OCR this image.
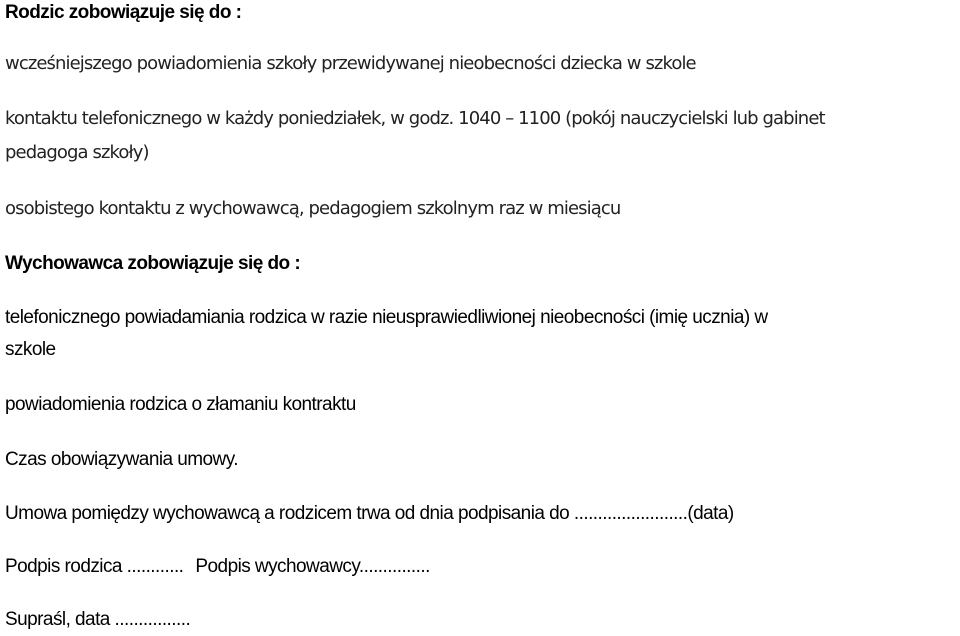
Rodzic zobowiązuje się do :
wcześniejszego powiadomienia szkoły przewidywanej nieobecności dziecka w szkole
kontaktu telefonicznego w każdy poniedziałek, w godz. 1040 – 1100 (pokój nauczycielski lub gabinet
pedagoga szkoły)
osobistego kontaktu z wychowawcą, pedagogiem szkolnym raz w miesiącu
Wychowawca zobowiązuje się do :
telefonicznego powiadamiania rodzica w razie nieusprawiedliwionej nieobecności (imię ucznia) w
szkole
powiadomienia rodzica o złamaniu kontraktu
Czas obowiązywania umowy.
Umowa pomiędzy wychowawcą a rodzicem trwa od dnia podpisania do ........................(data)
Podpis rodzica ............ Podpis wychowawcy...............
Supraśl, data ................
